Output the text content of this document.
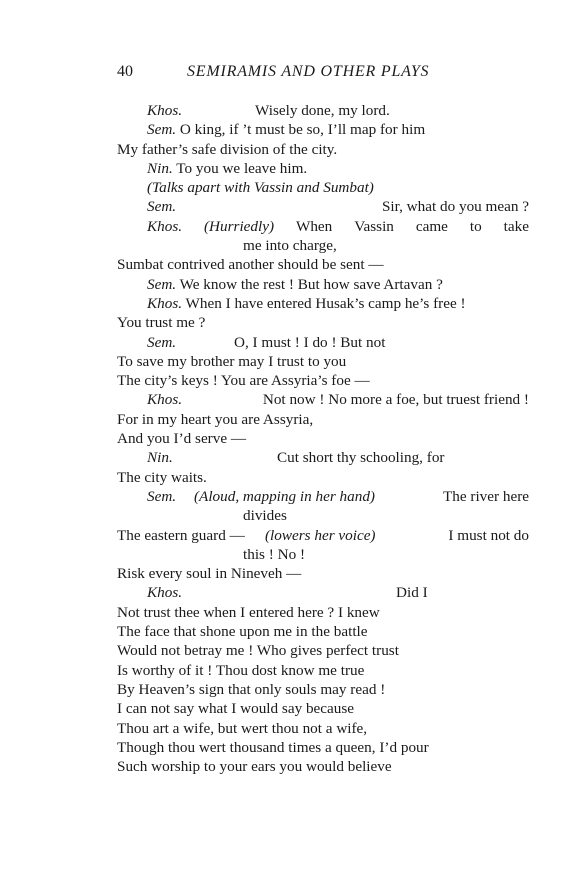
40	SEMIRAMIS AND OTHER PLAYS
Khos.	Wisely done, my lord.
Sem. O king, if ’t must be so, I’ll map for him
My father’s safe division of the city.
Nin. To you we leave him.
(Talks apart with Vassin and Sumbat)
Sem.	Sir, what do you mean ?
Khos. (Hurriedly) When Vassin came to take
me into charge,
Sumbat contrived another should be sent —
Sem. We know the rest ! But how save Artavan ?
Khos. When I have entered Husak’s camp he’s free !
You trust me ?
Sem.	O, I must ! I do ! But not
To save my brother may I trust to you
The city’s keys ! You are Assyria’s foe —
Khos.	Not now ! No more a foe, but truest friend !
For in my heart you are Assyria,
And you I’d serve —
Nin.	Cut short thy schooling, for
The city waits.
Sem. (Aloud, mapping in her hand)	The river here
divides
The eastern guard — (lowers her voice)	I must not do
this ! No !
Risk every soul in Nineveh —
Khos.	Did I
Not trust thee when I entered here ? I knew
The face that shone upon me in the battle
Would not betray me ! Who gives perfect trust
Is worthy of it ! Thou dost know me true
By Heaven’s sign that only souls may read !
I can not say what I would say because
Thou art a wife, but wert thou not a wife,
Though thou wert thousand times a queen, I’d pour
Such worship to your ears you would believe
